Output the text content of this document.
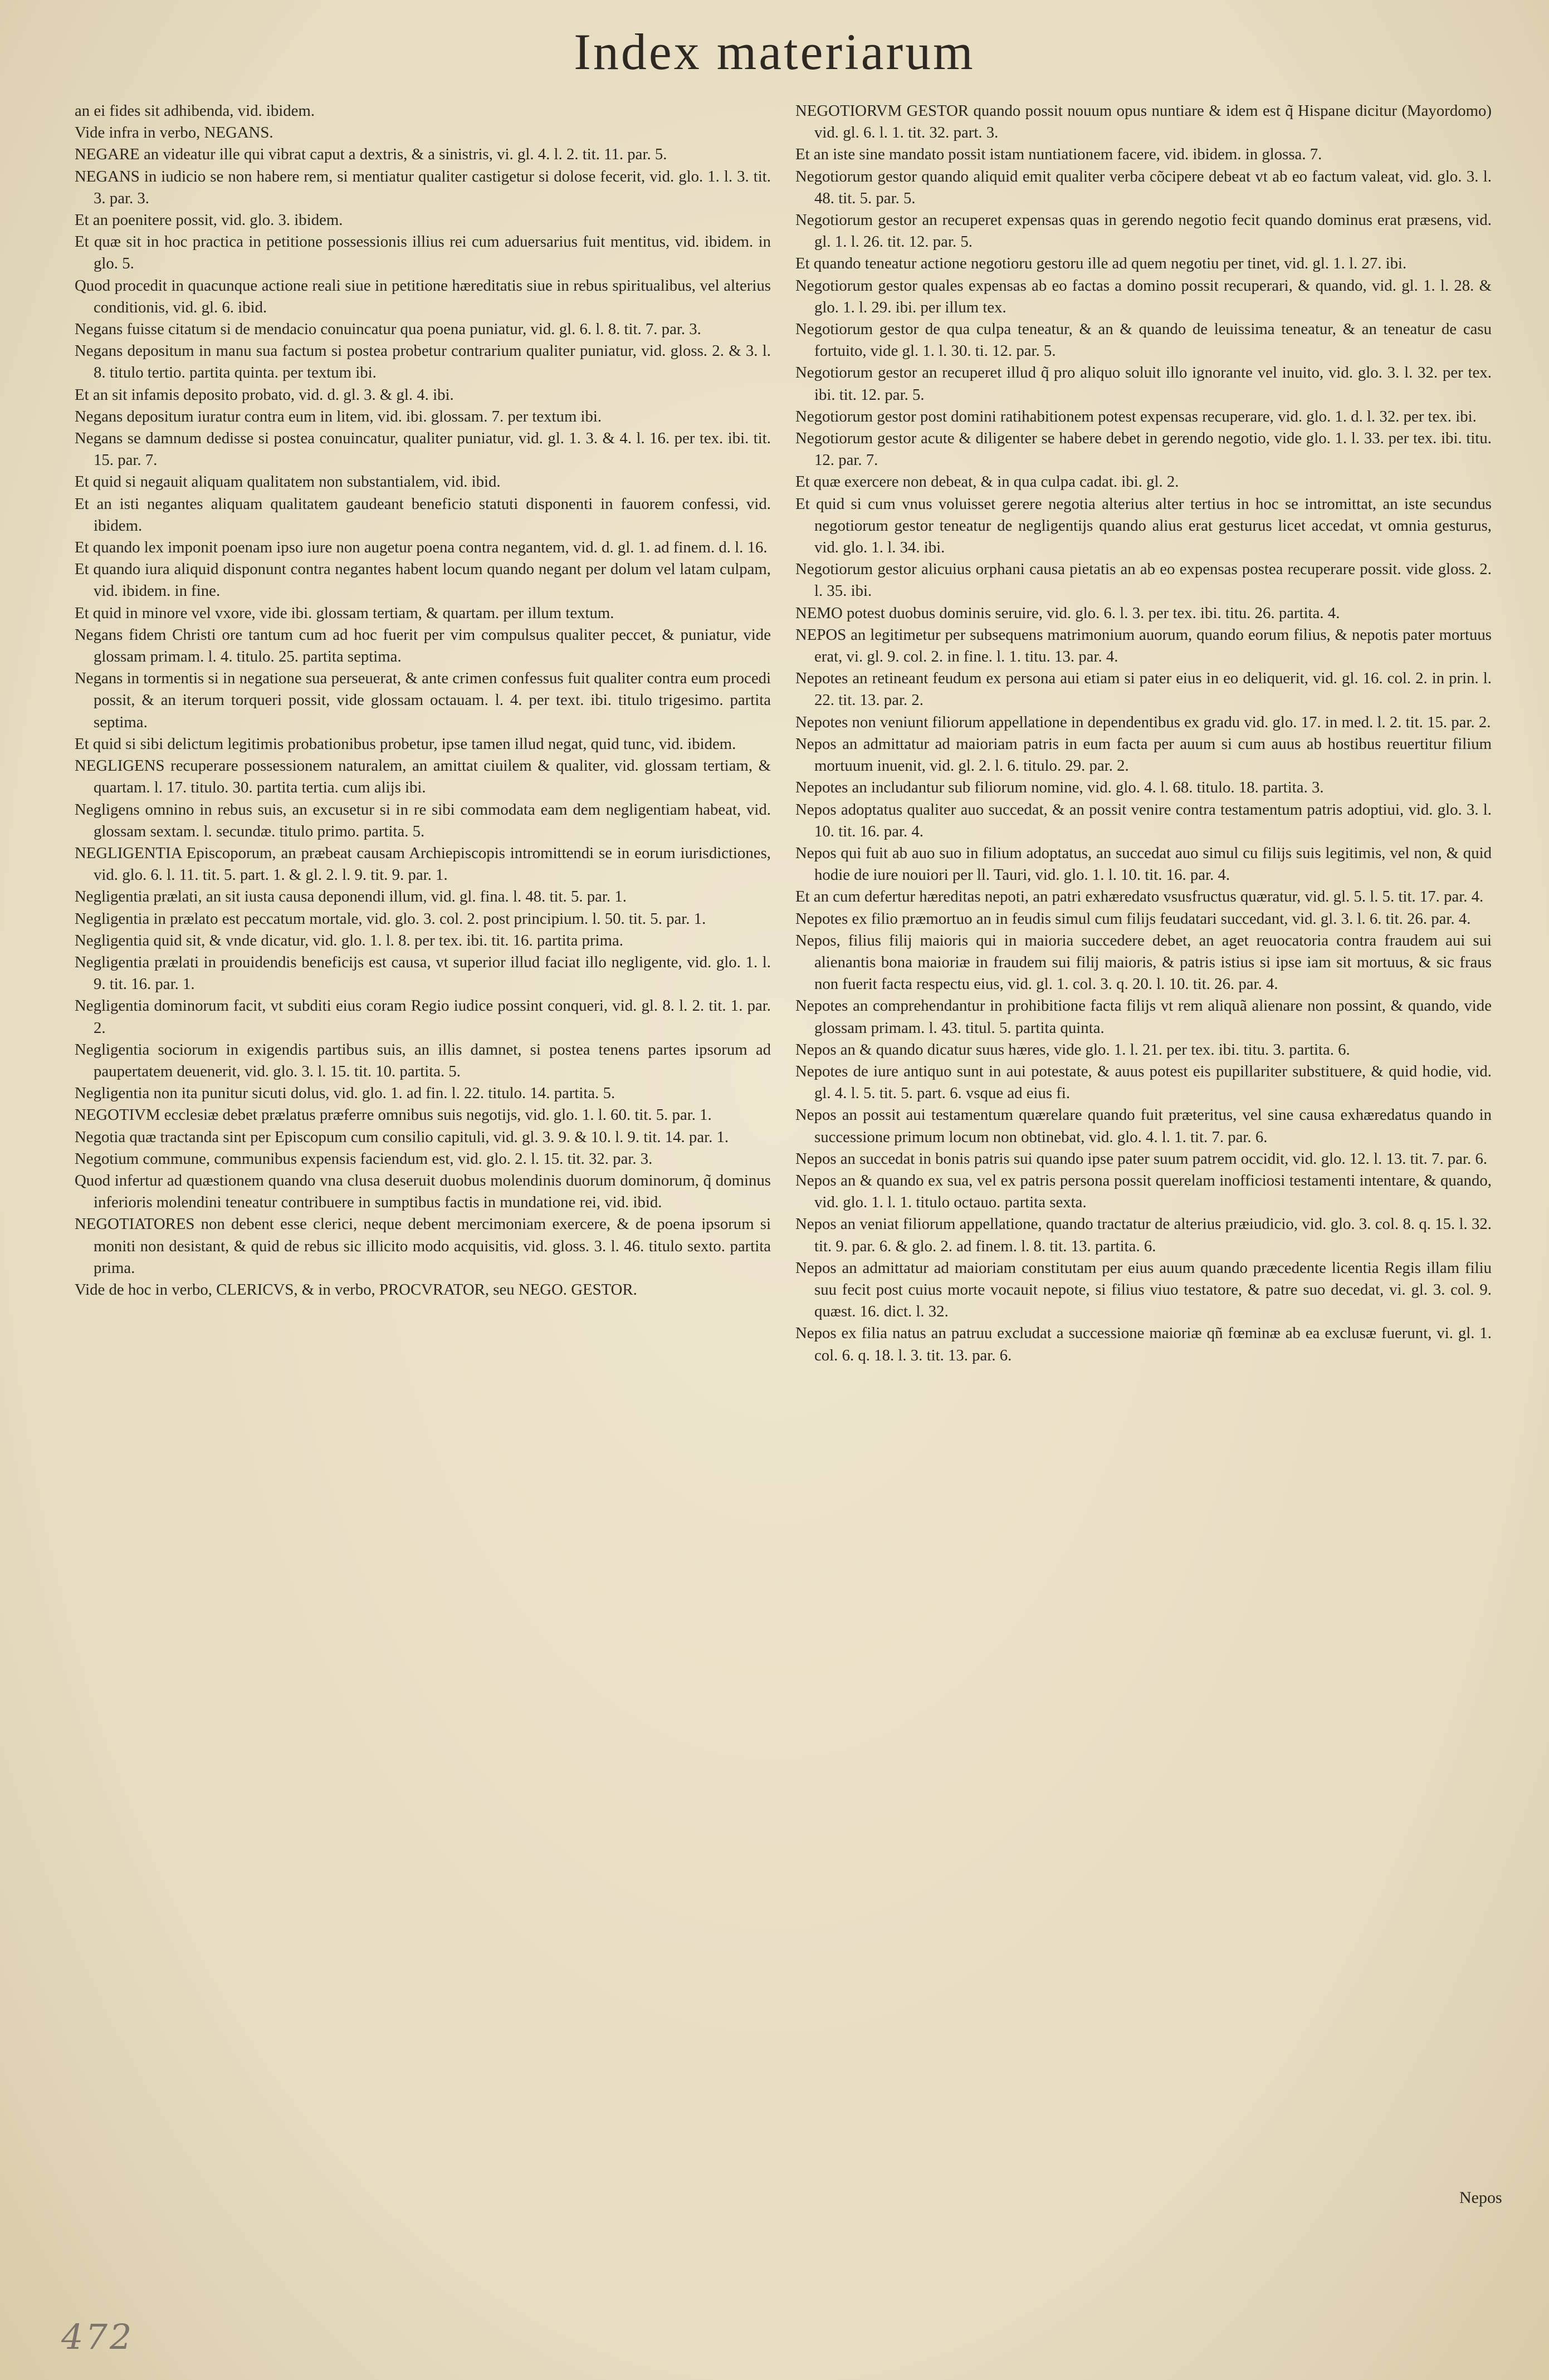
Index materiarum
an ei fides sit adhibenda, vid. ibidem.
Vide infra in verbo, NEGANS.
NEGARE an videatur ille qui vibrat caput a dextris, & a sinistris, vi. gl. 4. l. 2. tit. 11. par. 5.
NEGANS in iudicio se non habere rem, si mentiatur qualiter castigetur si dolose fecerit, vid. glo. 1. l. 3. tit. 3. par. 3.
Et an poenitere possit, vid. glo. 3. ibidem.
Et quæ sit in hoc practica in petitione possessionis illius rei cum aduersarius fuit mentitus, vid. ibidem. in glo. 5.
Quod procedit in quacunque actione reali siue in petitione hæreditatis siue in rebus spiritualibus, vel alterius conditionis, vid. gl. 6. ibid.
Negans fuisse citatum si de mendacio conuincatur qua poena puniatur, vid. gl. 6. l. 8. tit. 7. par. 3.
Negans depositum in manu sua factum si postea probetur contrarium qualiter puniatur, vid. gloss. 2. & 3. l. 8. titulo tertio. partita quinta. per textum ibi.
Et an sit infamis deposito probato, vid. d. gl. 3. & gl. 4. ibi.
Negans depositum iuratur contra eum in litem, vid. ibi. glossam. 7. per textum ibi.
Negans se damnum dedisse si postea conuincatur, qualiter puniatur, vid. gl. 1. 3. & 4. l. 16. per tex. ibi. tit. 15. par. 7.
Et quid si negauit aliquam qualitatem non substantialem, vid. ibid.
Et an isti negantes aliquam qualitatem gaudeant beneficio statuti disponenti in fauorem confessi, vid. ibidem.
Et quando lex imponit poenam ipso iure non augetur poena contra negantem, vid. d. gl. 1. ad finem. d. l. 16.
Et quando iura aliquid disponunt contra negantes habent locum quando negant per dolum vel latam culpam, vid. ibidem. in fine.
Et quid in minore vel vxore, vide ibi. glossam tertiam, & quartam. per illum textum.
Negans fidem Christi ore tantum cum ad hoc fuerit per vim compulsus qualiter peccet, & puniatur, vide glossam primam. l. 4. titulo. 25. partita septima.
Negans in tormentis si in negatione sua perseuerat, & ante crimen confessus fuit qualiter contra eum procedi possit, & an iterum torqueri possit, vide glossam octauam. l. 4. per text. ibi. titulo trigesimo. partita septima.
Et quid si sibi delictum legitimis probationibus probetur, ipse tamen illud negat, quid tunc, vid. ibidem.
NEGLIGENS recuperare possessionem naturalem, an amittat ciuilem & qualiter, vid. glossam tertiam, & quartam. l. 17. titulo. 30. partita tertia. cum alijs ibi.
Negligens omnino in rebus suis, an excusetur si in re sibi commodata eam dem negligentiam habeat, vid. glossam sextam. l. secundæ. titulo primo. partita. 5.
NEGLIGENTIA Episcoporum, an præbeat causam Archiepiscopis intromittendi se in eorum iurisdictiones, vid. glo. 6. l. 11. tit. 5. part. 1. & gl. 2. l. 9. tit. 9. par. 1.
Negligentia prælati, an sit iusta causa deponendi illum, vid. gl. fina. l. 48. tit. 5. par. 1.
Negligentia in prælato est peccatum mortale, vid. glo. 3. col. 2. post principium. l. 50. tit. 5. par. 1.
Negligentia quid sit, & vnde dicatur, vid. glo. 1. l. 8. per tex. ibi. tit. 16. partita prima.
Negligentia prælati in prouidendis beneficijs est causa, vt superior illud faciat illo negligente, vid. glo. 1. l. 9. tit. 16. par. 1.
Negligentia dominorum facit, vt subditi eius coram Regio iudice possint conqueri, vid. gl. 8. l. 2. tit. 1. par. 2.
Negligentia sociorum in exigendis partibus suis, an illis damnet, si postea tenens partes ipsorum ad paupertatem deuenerit, vid. glo. 3. l. 15. tit. 10. partita. 5.
Negligentia non ita punitur sicuti dolus, vid. glo. 1. ad fin. l. 22. titulo. 14. partita. 5.
NEGOTIVM ecclesiæ debet prælatus præferre omnibus suis negotijs, vid. glo. 1. l. 60. tit. 5. par. 1.
Negotia quæ tractanda sint per Episcopum cum consilio capituli, vid. gl. 3. 9. & 10. l. 9. tit. 14. par. 1.
Negotium commune, communibus expensis faciendum est, vid. glo. 2. l. 15. tit. 32. par. 3.
Quod infertur ad quæstionem quando vna clusa deseruit duobus molendinis duorum dominorum, q̃ dominus inferioris molendini teneatur contribuere in sumptibus factis in mundatione rei, vid. ibid.
NEGOTIATORES non debent esse clerici, neque debent mercimoniam exercere, & de poena ipsorum si moniti non desistant, & quid de rebus sic illicito modo acquisitis, vid. gloss. 3. l. 46. titulo sexto. partita prima.
Vide de hoc in verbo, CLERICVS, & in verbo, PROCVRATOR, seu NEGO. GESTOR.
NEGOTIORVM GESTOR quando possit nouum opus nuntiare & idem est q̃ Hispane dicitur (Mayordomo) vid. gl. 6. l. 1. tit. 32. part. 3.
Et an iste sine mandato possit istam nuntiationem facere, vid. ibidem. in glossa. 7.
Negotiorum gestor quando aliquid emit qualiter verba cõcipere debeat vt ab eo factum valeat, vid. glo. 3. l. 48. tit. 5. par. 5.
Negotiorum gestor an recuperet expensas quas in gerendo negotio fecit quando dominus erat præsens, vid. gl. 1. l. 26. tit. 12. par. 5.
Et quando teneatur actione negotioru gestoru ille ad quem negotiu per tinet, vid. gl. 1. l. 27. ibi.
Negotiorum gestor quales expensas ab eo factas a domino possit recuperari, & quando, vid. gl. 1. l. 28. & glo. 1. l. 29. ibi. per illum tex.
Negotiorum gestor de qua culpa teneatur, & an & quando de leuissima teneatur, & an teneatur de casu fortuito, vide gl. 1. l. 30. ti. 12. par. 5.
Negotiorum gestor an recuperet illud q̃ pro aliquo soluit illo ignorante vel inuito, vid. glo. 3. l. 32. per tex. ibi. tit. 12. par. 5.
Negotiorum gestor post domini ratihabitionem potest expensas recuperare, vid. glo. 1. d. l. 32. per tex. ibi.
Negotiorum gestor acute & diligenter se habere debet in gerendo negotio, vide glo. 1. l. 33. per tex. ibi. titu. 12. par. 7.
Et quæ exercere non debeat, & in qua culpa cadat. ibi. gl. 2.
Et quid si cum vnus voluisset gerere negotia alterius alter tertius in hoc se intromittat, an iste secundus negotiorum gestor teneatur de negligentijs quando alius erat gesturus licet accedat, vt omnia gesturus, vid. glo. 1. l. 34. ibi.
Negotiorum gestor alicuius orphani causa pietatis an ab eo expensas postea recuperare possit. vide gloss. 2. l. 35. ibi.
NEMO potest duobus dominis seruire, vid. glo. 6. l. 3. per tex. ibi. titu. 26. partita. 4.
NEPOS an legitimetur per subsequens matrimonium auorum, quando eorum filius, & nepotis pater mortuus erat, vi. gl. 9. col. 2. in fine. l. 1. titu. 13. par. 4.
Nepotes an retineant feudum ex persona aui etiam si pater eius in eo deliquerit, vid. gl. 16. col. 2. in prin. l. 22. tit. 13. par. 2.
Nepotes non veniunt filiorum appellatione in dependentibus ex gradu vid. glo. 17. in med. l. 2. tit. 15. par. 2.
Nepos an admittatur ad maioriam patris in eum facta per auum si cum auus ab hostibus reuertitur filium mortuum inuenit, vid. gl. 2. l. 6. titulo. 29. par. 2.
Nepotes an includantur sub filiorum nomine, vid. glo. 4. l. 68. titulo. 18. partita. 3.
Nepos adoptatus qualiter auo succedat, & an possit venire contra testamentum patris adoptiui, vid. glo. 3. l. 10. tit. 16. par. 4.
Nepos qui fuit ab auo suo in filium adoptatus, an succedat auo simul cu filijs suis legitimis, vel non, & quid hodie de iure nouiori per ll. Tauri, vid. glo. 1. l. 10. tit. 16. par. 4.
Et an cum defertur hæreditas nepoti, an patri exhæredato vsusfructus quæratur, vid. gl. 5. l. 5. tit. 17. par. 4.
Nepotes ex filio præmortuo an in feudis simul cum filijs feudatari succedant, vid. gl. 3. l. 6. tit. 26. par. 4.
Nepos, filius filij maioris qui in maioria succedere debet, an aget reuocatoria contra fraudem aui sui alienantis bona maioriæ in fraudem sui filij maioris, & patris istius si ipse iam sit mortuus, & sic fraus non fuerit facta respectu eius, vid. gl. 1. col. 3. q. 20. l. 10. tit. 26. par. 4.
Nepotes an comprehendantur in prohibitione facta filijs vt rem aliquã alienare non possint, & quando, vide glossam primam. l. 43. titul. 5. partita quinta.
Nepos an & quando dicatur suus hæres, vide glo. 1. l. 21. per tex. ibi. titu. 3. partita. 6.
Nepotes de iure antiquo sunt in aui potestate, & auus potest eis pupillariter substituere, & quid hodie, vid. gl. 4. l. 5. tit. 5. part. 6. vsque ad eius fi.
Nepos an possit aui testamentum quærelare quando fuit præteritus, vel sine causa exhæredatus quando in successione primum locum non obtinebat, vid. glo. 4. l. 1. tit. 7. par. 6.
Nepos an succedat in bonis patris sui quando ipse pater suum patrem occidit, vid. glo. 12. l. 13. tit. 7. par. 6.
Nepos an & quando ex sua, vel ex patris persona possit querelam inofficiosi testamenti intentare, & quando, vid. glo. 1. l. 1. titulo octauo. partita sexta.
Nepos an veniat filiorum appellatione, quando tractatur de alterius præiudicio, vid. glo. 3. col. 8. q. 15. l. 32. tit. 9. par. 6. & glo. 2. ad finem. l. 8. tit. 13. partita. 6.
Nepos an admittatur ad maioriam constitutam per eius auum quando præcedente licentia Regis illam filiu suu fecit post cuius morte vocauit nepote, si filius viuo testatore, & patre suo decedat, vi. gl. 3. col. 9. quæst. 16. dict. l. 32.
Nepos ex filia natus an patruu excludat a successione maioriæ qñ fœminæ ab ea exclusæ fuerunt, vi. gl. 1. col. 6. q. 18. l. 3. tit. 13. par. 6.
Nepos
472
